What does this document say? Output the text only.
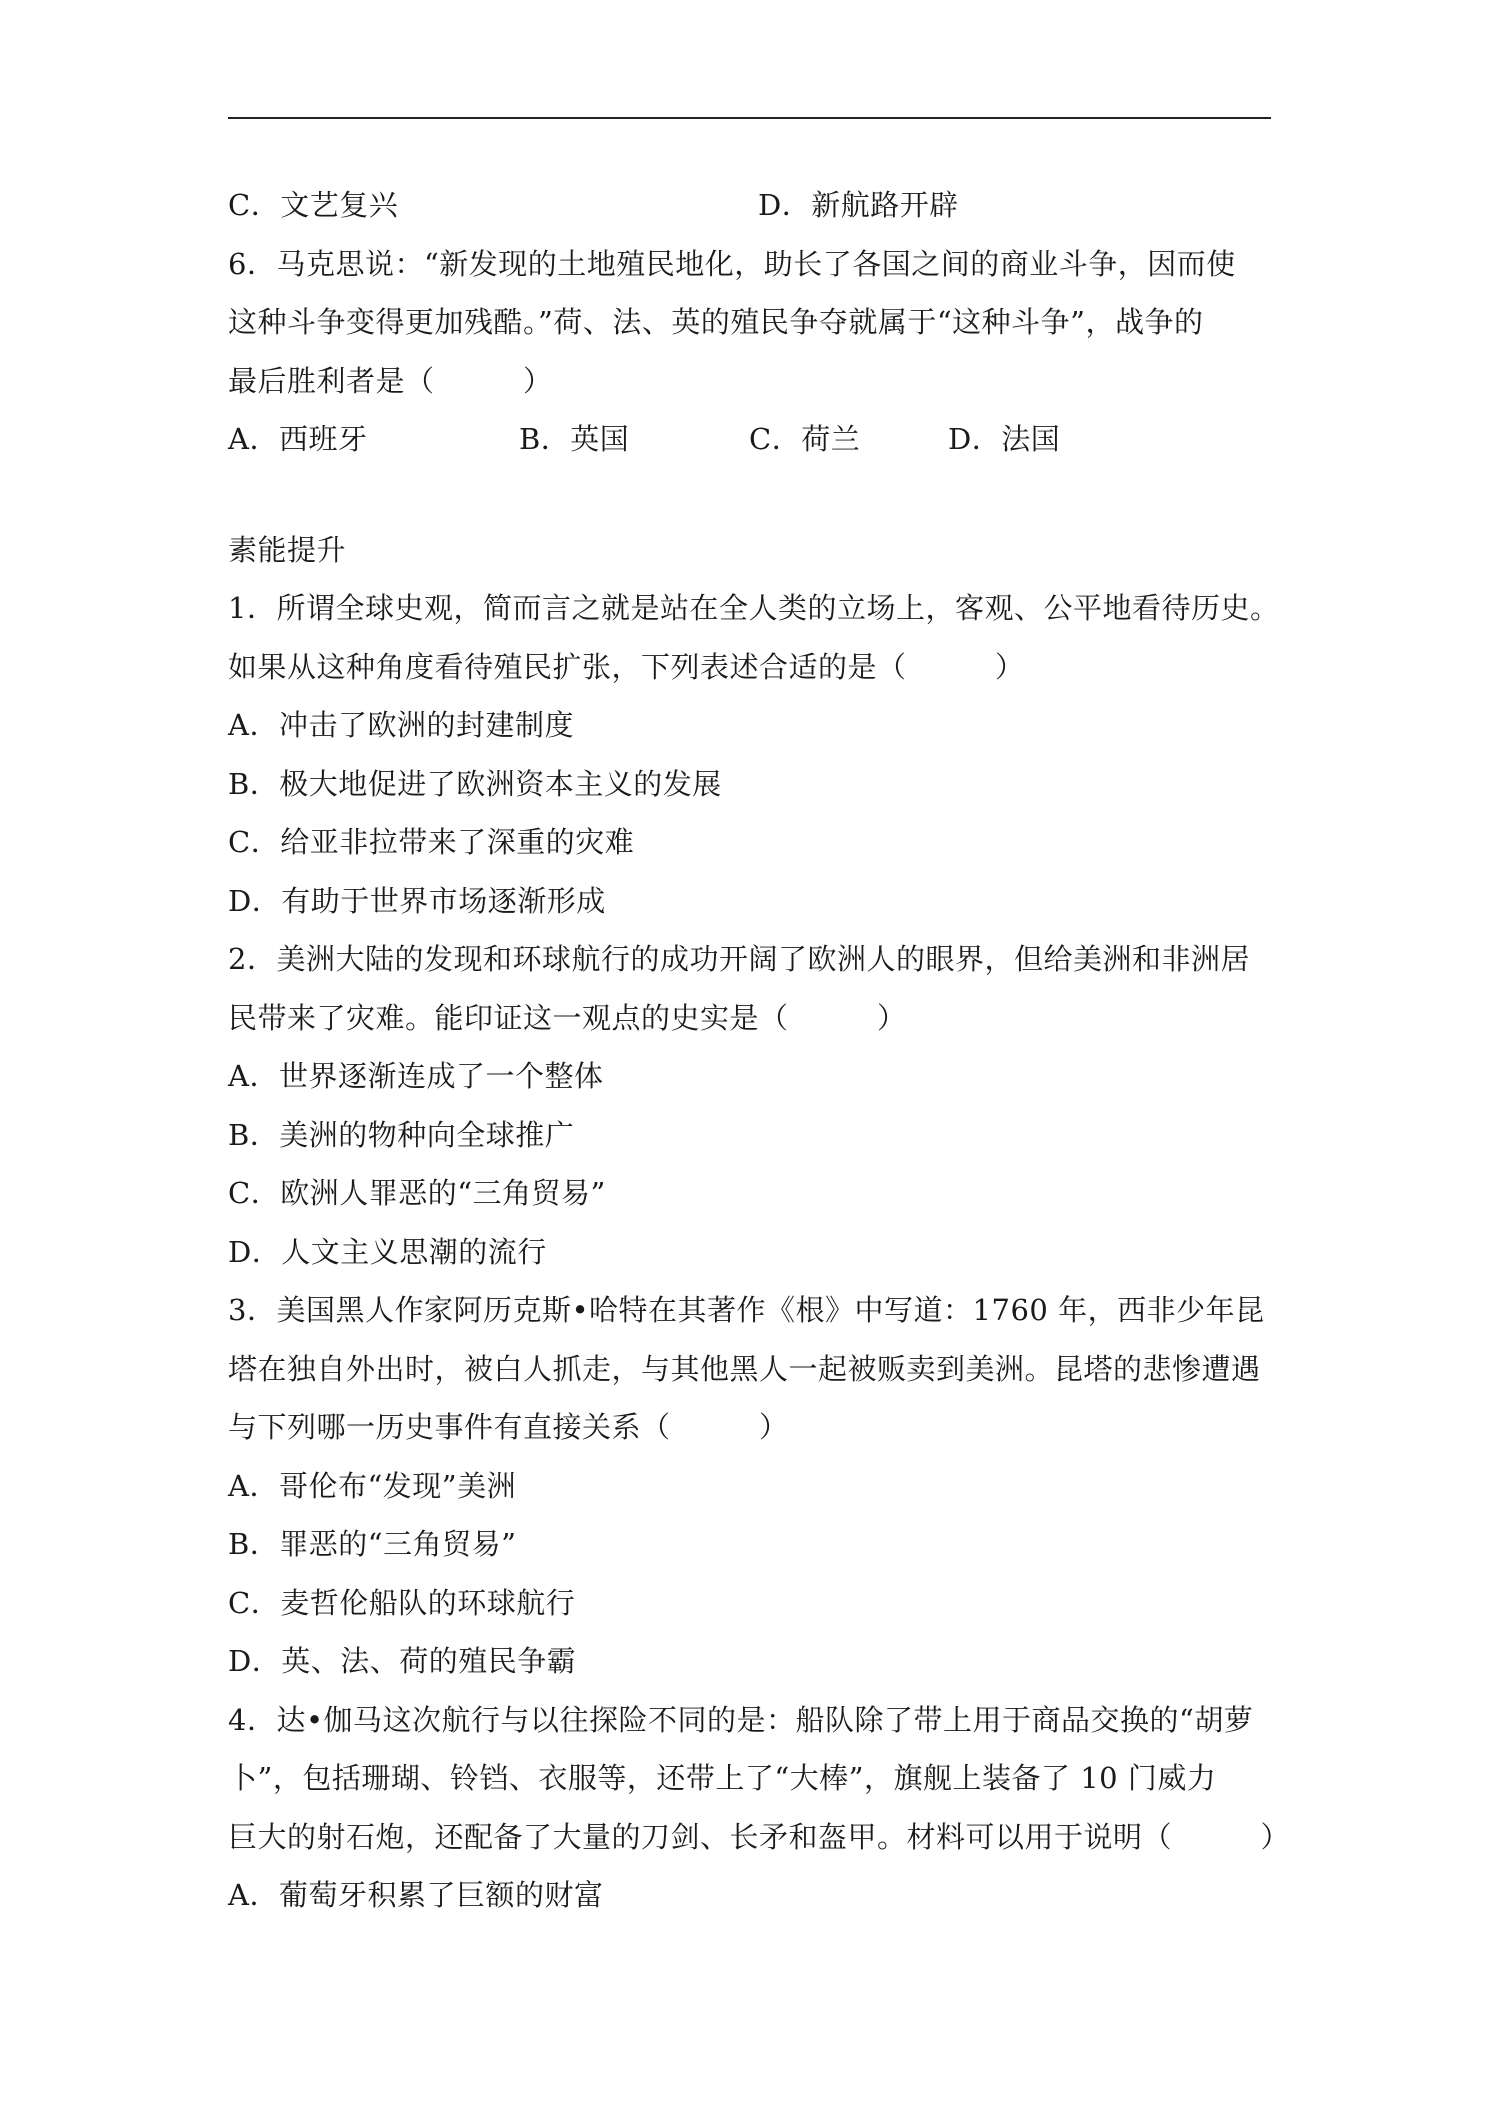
C．文艺复兴	D．新航路开辟
6．马克思说：“新发现的土地殖民地化，助长了各国之间的商业斗争，因而使
这种斗争变得更加残酷。”荷、法、英的殖民争夺就属于“这种斗争”，战争的
最后胜利者是（　　　）
A．西班牙	B．英国	C．荷兰	D．法国
素能提升
1．所谓全球史观，简而言之就是站在全人类的立场上，客观、公平地看待历史。
如果从这种角度看待殖民扩张，下列表述合适的是（　　　）
A．冲击了欧洲的封建制度
B．极大地促进了欧洲资本主义的发展
C．给亚非拉带来了深重的灾难
D．有助于世界市场逐渐形成
2．美洲大陆的发现和环球航行的成功开阔了欧洲人的眼界，但给美洲和非洲居
民带来了灾难。能印证这一观点的史实是（　　　）
A．世界逐渐连成了一个整体
B．美洲的物种向全球推广
C．欧洲人罪恶的“三角贸易”
D．人文主义思潮的流行
3．美国黑人作家阿历克斯•哈特在其著作《根》中写道：1760 年，西非少年昆
塔在独自外出时，被白人抓走，与其他黑人一起被贩卖到美洲。昆塔的悲惨遭遇
与下列哪一历史事件有直接关系（　　　）
A．哥伦布“发现”美洲
B．罪恶的“三角贸易”
C．麦哲伦船队的环球航行
D．英、法、荷的殖民争霸
4．达•伽马这次航行与以往探险不同的是：船队除了带上用于商品交换的“胡萝
卜”，包括珊瑚、铃铛、衣服等，还带上了“大棒”，旗舰上装备了 10 门威力
巨大的射石炮，还配备了大量的刀剑、长矛和盔甲。材料可以用于说明（　　　）
A．葡萄牙积累了巨额的财富
